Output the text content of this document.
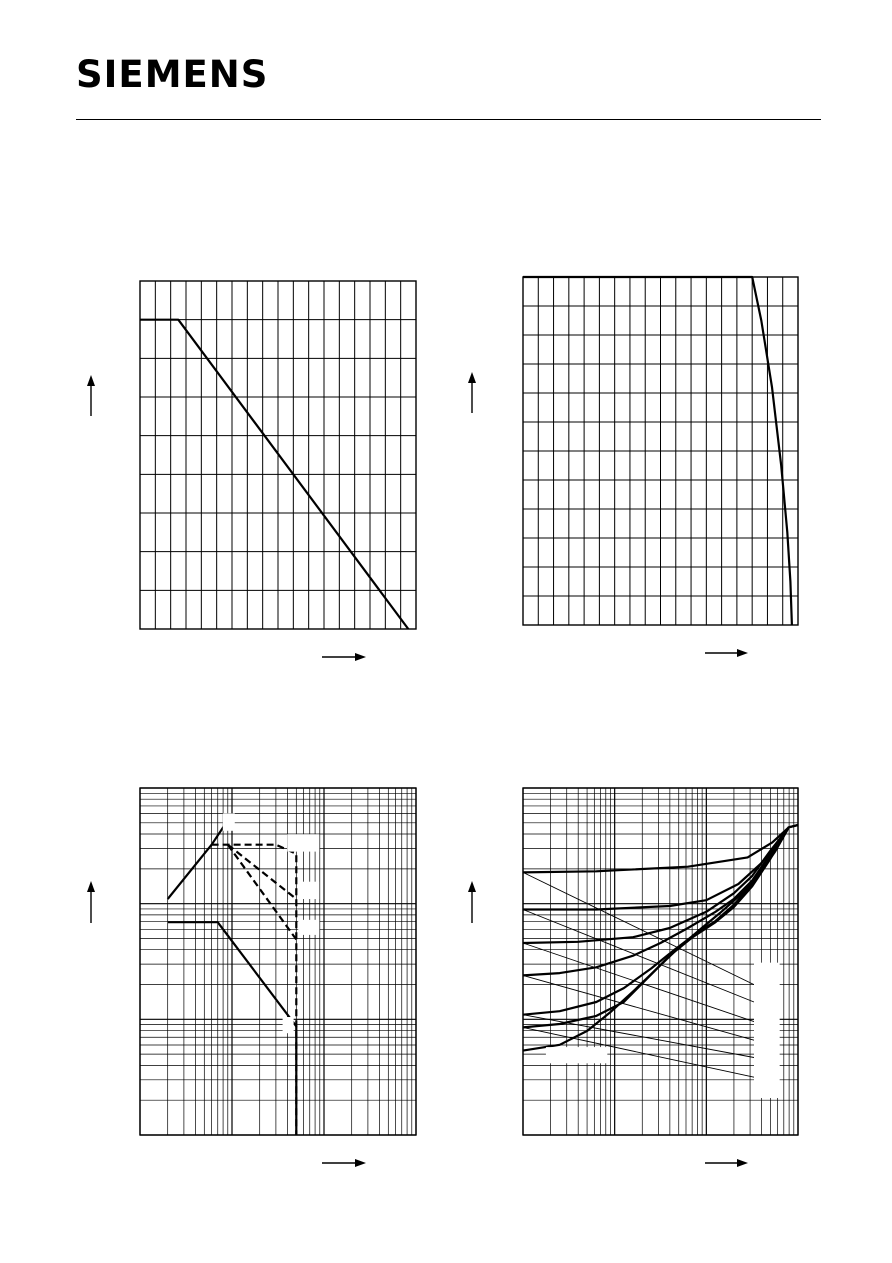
SIEMENS
